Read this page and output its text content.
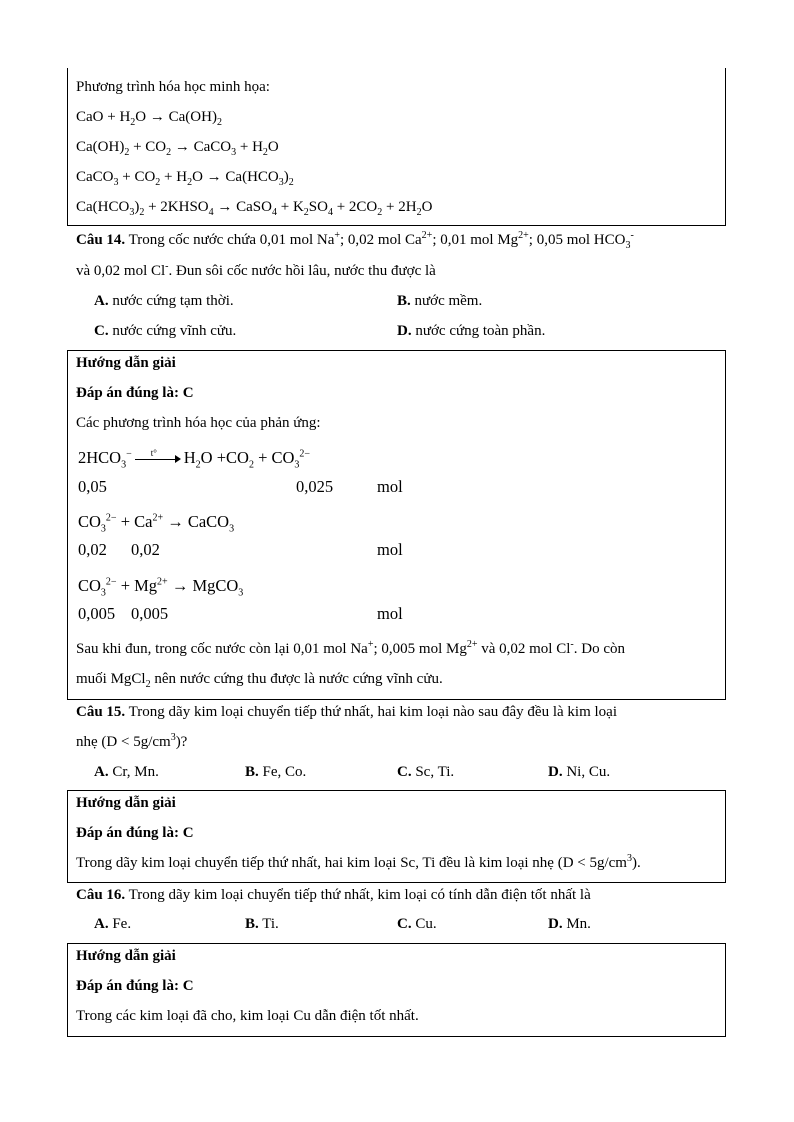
Phương trình hóa học minh họa:
CaO + $H_2O \to Ca(OH)_2$
$Ca(OH)_2 + CO_2$ → CaCO$_3$ + $H_2O$
CaCO$_3$ + $CO_2 + H_2O \to Ca(HCO_3)_2$
$Ca(HCO_3)_2$ + $2KHSO_4$ → CaSO$_4$ + $K_2SO_4 + 2CO_2 + 2H_2O$
Câu 14. Trong cốc nước chứa 0,01 mol Na+; 0,02 mol $Ca^{2+}$; 0,01 mol $Mg^{2+}$; 0,05 mol $HCO_3^-$
và 0,02 mol Cl-. Đun sôi cốc nước hồi lâu, nước thu được là
A. nước cứng tạm thời.	B. nước mềm.
C. nước cứng vĩnh cửu.	D. nước cứng toàn phần.
Hướng dẫn giải
Đáp án đúng là: C
Các phương trình hóa học của phản ứng:
$2HCO_3^-$ t° $H_2O +CO_2 + CO_3^{2-}$
0,05	0,025	mol
$CO_3^{2-} + Ca^{2+}$ → CaCO$_3$
0,02 0,02	mol
$CO_3^{2-} + Mg^{2+}$ → MgCO$_3$
0,005 0,005	mol
Sau khi đun, trong cốc nước còn lại 0,01 mol Na+; 0,005 mol $Mg^{2+}$ và 0,02 mol Cl-. Do còn
muối MgCl$_2$ nên nước cứng thu được là nước cứng vĩnh cửu.
Câu 15. Trong dãy kim loại chuyển tiếp thứ nhất, hai kim loại nào sau đây đều là kim loại
nhẹ $(D < 5g/cm^3)$?
A. Cr, Mn.	B. Fe, Co.	C. Sc, Ti.	D. Ni, Cu.
Hướng dẫn giải
Đáp án đúng là: C
Trong dãy kim loại chuyển tiếp thứ nhất, hai kim loại Sc, Ti đều là kim loại nhẹ $(D < 5g/cm^3)$.
Câu 16. Trong dãy kim loại chuyển tiếp thứ nhất, kim loại có tính dẫn điện tốt nhất là
A. Fe.	B. Ti.	C. Cu.	D. Mn.
Hướng dẫn giải
Đáp án đúng là: C
Trong các kim loại đã cho, kim loại Cu dẫn điện tốt nhất.
